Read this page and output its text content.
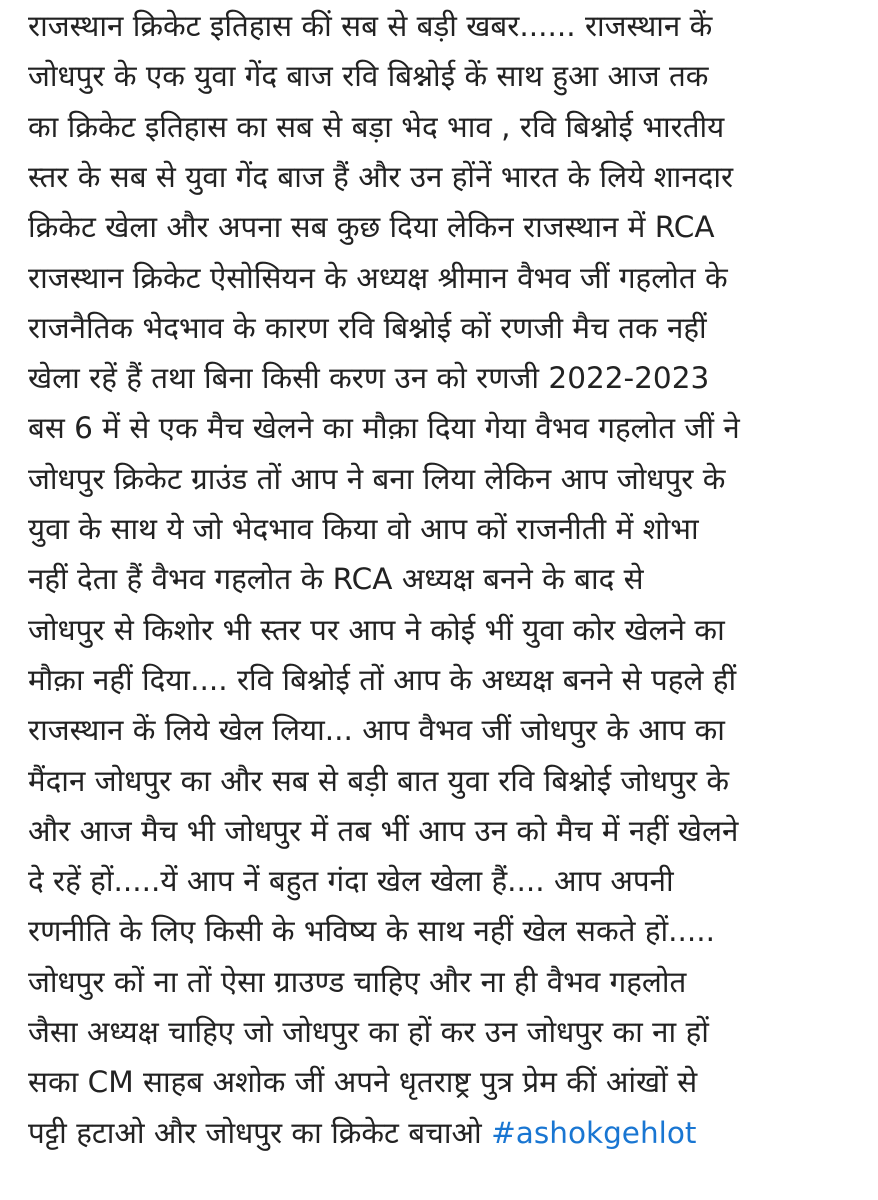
राजस्थान क्रिकेट इतिहास कीं सब से बड़ी खबर...... राजस्थान कें
जोधपुर के एक युवा गेंद बाज रवि बिश्नोई कें साथ हुआ आज तक
का क्रिकेट इतिहास का सब से बड़ा भेद भाव , रवि बिश्नोई भारतीय
स्तर के सब से युवा गेंद बाज हैं और उन होंनें भारत के लिये शानदार
क्रिकेट खेला और अपना सब कुछ दिया लेकिन राजस्थान में RCA
राजस्थान क्रिकेट ऐसोसियन के अध्यक्ष श्रीमान वैभव जीं गहलोत के
राजनैतिक भेदभाव के कारण रवि बिश्नोई कों रणजी मैच तक नहीं
खेला रहें हैं तथा बिना किसी करण उन को रणजी 2022-2023
बस 6 में से एक मैच खेलने का मौक़ा दिया गेया वैभव गहलोत जीं ने
जोधपुर क्रिकेट ग्राउंड तों आप ने बना लिया लेकिन आप जोधपुर के
युवा के साथ ये जो भेदभाव किया वो आप कों राजनीती में शोभा
नहीं देता हैं वैभव गहलोत के RCA अध्यक्ष बनने के बाद से
जोधपुर से किशोर भी स्तर पर आप ने कोई भीं युवा कोर खेलने का
मौक़ा नहीं दिया.... रवि बिश्नोई तों आप के अध्यक्ष बनने से पहले हीं
राजस्थान कें लिये खेल लिया... आप वैभव जीं जोधपुर के आप का
मैंदान जोधपुर का और सब से बड़ी बात युवा रवि बिश्नोई जोधपुर के
और आज मैच भी जोधपुर में तब भीं आप उन को मैच में नहीं खेलने
दे रहें हों.....यें आप नें बहुत गंदा खेल खेला हैं.... आप अपनी
रणनीति के लिए किसी के भविष्य के साथ नहीं खेल सकते हों.....
जोधपुर कों ना तों ऐसा ग्राउण्ड चाहिए और ना ही वैभव गहलोत
जैसा अध्यक्ष चाहिए जो जोधपुर का हों कर उन जोधपुर का ना हों
सका CM साहब अशोक जीं अपने धृतराष्ट्र पुत्र प्रेम कीं आंखों से
पट्टी हटाओ और जोधपुर का क्रिकेट बचाओ #ashokgehlot
